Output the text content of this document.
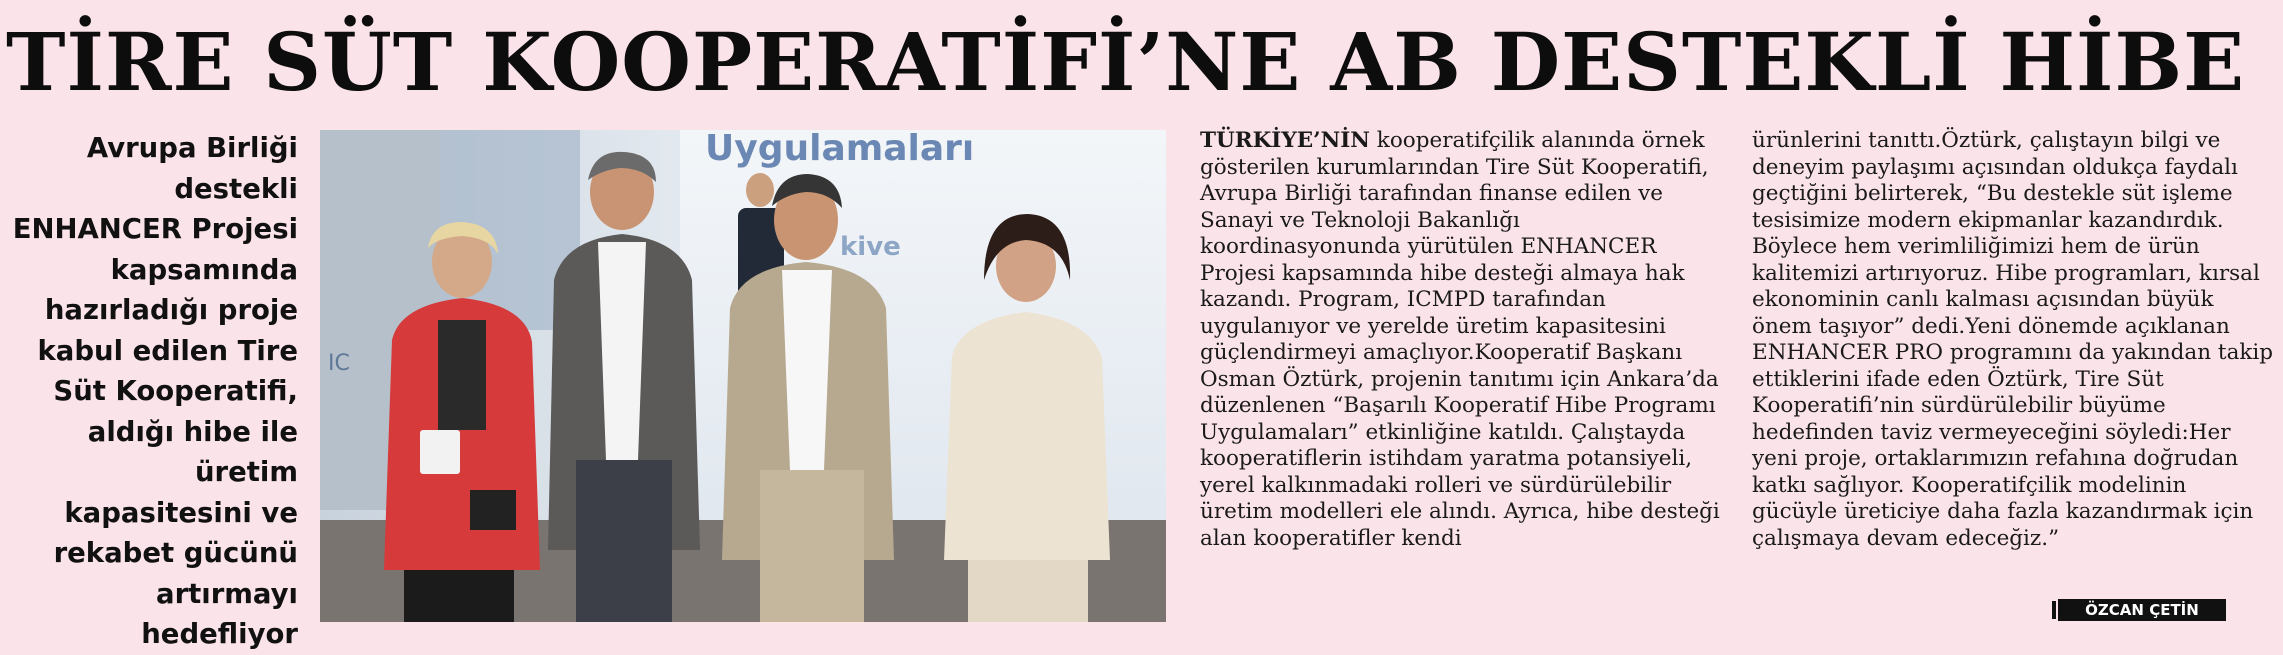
TİRE SÜT KOOPERATİFİ’NE AB DESTEKLİ HİBE

Avrupa Birliği destekli ENHANCER Projesi kapsamında hazırladığı proje kabul edilen Tire Süt Kooperatifi, aldığı hibe ile üretim kapasitesini ve rekabet gücünü artırmayı hedefliyor

Uygulamaları
kive
IC
TÜRKİYE’NİN kooperatifçilik alanında örnek gösterilen kurumlarından Tire Süt Kooperatifi, Avrupa Birliği tarafından finanse edilen ve Sanayi ve Teknoloji Bakanlığı koordinasyonunda yürütülen ENHANCER Projesi kapsamında hibe desteği almaya hak kazandı. Program, ICMPD tarafından uygulanıyor ve yerelde üretim kapasitesini güçlendirmeyi amaçlıyor.Kooperatif Başkanı Osman Öztürk, projenin tanıtımı için Ankara’da düzenlenen “Başarılı Kooperatif Hibe Programı Uygulamaları” etkinliğine katıldı. Çalıştayda kooperatiflerin istihdam yaratma potansiyeli, yerel kalkınmadaki rolleri ve sürdürülebilir üretim modelleri ele alındı. Ayrıca, hibe desteği alan kooperatifler kendi
ürünlerini tanıttı.Öztürk, çalıştayın bilgi ve deneyim paylaşımı açısından oldukça faydalı geçtiğini belirterek, “Bu destekle süt işleme tesisimize modern ekipmanlar kazandırdık. Böylece hem verimliliğimizi hem de ürün kalitemizi artırıyoruz. Hibe programları, kırsal ekonominin canlı kalması açısından büyük önem taşıyor” dedi.Yeni dönemde açıklanan ENHANCER PRO programını da yakından takip ettiklerini ifade eden Öztürk, Tire Süt Kooperatifi’nin sürdürülebilir büyüme hedefinden taviz vermeyeceğini söyledi:Her yeni proje, ortaklarımızın refahına doğrudan katkı sağlıyor. Kooperatifçilik modelinin gücüyle üreticiye daha fazla kazandırmak için çalışmaya devam edeceğiz.”
ÖZCAN ÇETİN
